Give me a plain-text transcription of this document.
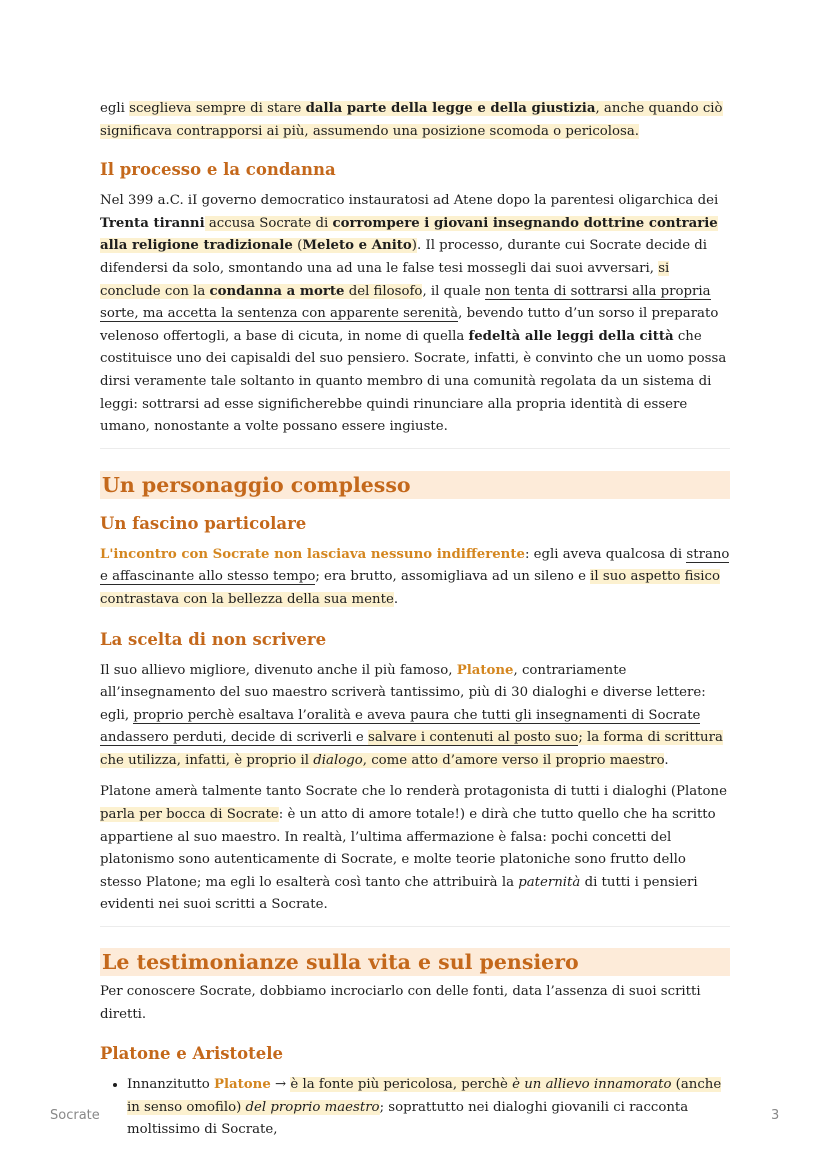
egli sceglieva sempre di stare dalla parte della legge e della giustizia, anche quando ciò significava contrapporsi ai più, assumendo una posizione scomoda o pericolosa.

Il processo e la condanna

Nel 399 a.C. iI governo democratico instauratosi ad Atene dopo la parentesi oligarchica dei Trenta tiranni accusa Socrate di corrompere i giovani insegnando dottrine contrarie alla religione tradizionale (Meleto e Anito). Il processo, durante cui Socrate decide di difendersi da solo, smontando una ad una le false tesi mossegli dai suoi avversari, si conclude con la condanna a morte del filosofo, il quale non tenta di sottrarsi alla propria sorte, ma accetta la sentenza con apparente serenità, bevendo tutto d’un sorso il preparato velenoso offertogli, a base di cicuta, in nome di quella fedeltà alle leggi della città che costituisce uno dei capisaldi del suo pensiero. Socrate, infatti, è convinto che un uomo possa dirsi veramente tale soltanto in quanto membro di una comunità regolata da un sistema di leggi: sottrarsi ad esse significherebbe quindi rinunciare alla propria identità di essere umano, nonostante a volte possano essere ingiuste.

Un personaggio complesso
Un fascino particolare

L'incontro con Socrate non lasciava nessuno indifferente: egli aveva qualcosa di strano e affascinante allo stesso tempo; era brutto, assomigliava ad un sileno e il suo aspetto fisico contrastava con la bellezza della sua mente.

La scelta di non scrivere

Il suo allievo migliore, divenuto anche il più famoso, Platone, contrariamente all’insegnamento del suo maestro scriverà tantissimo, più di 30 dialoghi e diverse lettere: egli, proprio perchè esaltava l’oralità e aveva paura che tutti gli insegnamenti di Socrate andassero perduti, decide di scriverli e salvare i contenuti al posto suo; la forma di scrittura che utilizza, infatti, è proprio il dialogo, come atto d’amore verso il proprio maestro.

Platone amerà talmente tanto Socrate che lo renderà protagonista di tutti i dialoghi (Platone parla per bocca di Socrate: è un atto di amore totale!) e dirà che tutto quello che ha scritto appartiene al suo maestro. In realtà, l’ultima affermazione è falsa: pochi concetti del platonismo sono autenticamente di Socrate, e molte teorie platoniche sono frutto dello stesso Platone; ma egli lo esalterà così tanto che attribuirà la paternità di tutti i pensieri evidenti nei suoi scritti a Socrate.

Le testimonianze sulla vita e sul pensiero

Per conoscere Socrate, dobbiamo incrociarlo con delle fonti, data l’assenza di suoi scritti diretti.

Platone e Aristotele
• Innanzitutto Platone → è la fonte più pericolosa, perchè è un allievo innamorato (anche in senso omofilo) del proprio maestro; soprattutto nei dialoghi giovanili ci racconta moltissimo di Socrate,
Socrate	3
